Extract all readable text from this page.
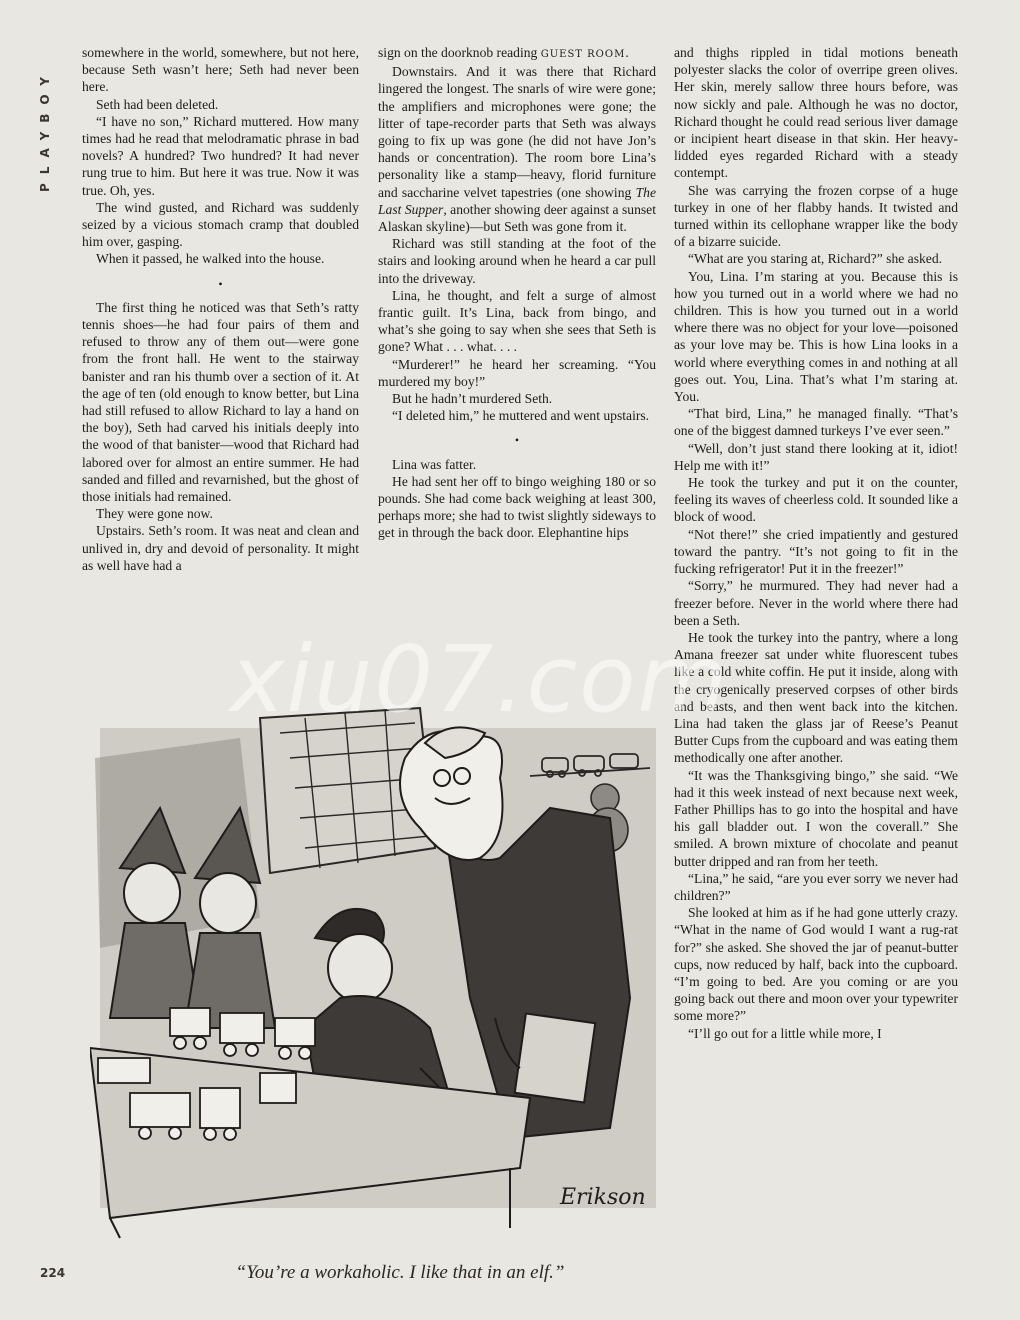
PLAYBOY

somewhere in the world, somewhere, but not here, because Seth wasn’t here; Seth had never been here.

Seth had been deleted.

“I have no son,” Richard muttered. How many times had he read that melodramatic phrase in bad novels? A hundred? Two hundred? It had never rung true to him. But here it was true. Now it was true. Oh, yes.

The wind gusted, and Richard was suddenly seized by a vicious stomach cramp that doubled him over, gasping.

When it passed, he walked into the house.

•

The first thing he noticed was that Seth’s ratty tennis shoes—he had four pairs of them and refused to throw any of them out—were gone from the front hall. He went to the stairway banister and ran his thumb over a section of it. At the age of ten (old enough to know better, but Lina had still refused to allow Richard to lay a hand on the boy), Seth had carved his initials deeply into the wood of that banister—wood that Richard had labored over for almost an entire summer. He had sanded and filled and revarnished, but the ghost of those initials had remained.

They were gone now.

Upstairs. Seth’s room. It was neat and clean and unlived in, dry and devoid of personality. It might as well have had a

sign on the doorknob reading GUEST ROOM.

Downstairs. And it was there that Richard lingered the longest. The snarls of wire were gone; the amplifiers and microphones were gone; the litter of tape-recorder parts that Seth was always going to fix up was gone (he did not have Jon’s hands or concentration). The room bore Lina’s personality like a stamp—heavy, florid furniture and saccharine velvet tapestries (one showing The Last Supper, another showing deer against a sunset Alaskan skyline)—but Seth was gone from it.

Richard was still standing at the foot of the stairs and looking around when he heard a car pull into the driveway.

Lina, he thought, and felt a surge of almost frantic guilt. It’s Lina, back from bingo, and what’s she going to say when she sees that Seth is gone? What . . . what. . . .

“Murderer!” he heard her screaming. “You murdered my boy!”

But he hadn’t murdered Seth.

“I deleted him,” he muttered and went upstairs.

•

Lina was fatter.

He had sent her off to bingo weighing 180 or so pounds. She had come back weighing at least 300, perhaps more; she had to twist slightly sideways to get in through the back door. Elephantine hips

and thighs rippled in tidal motions beneath polyester slacks the color of overripe green olives. Her skin, merely sallow three hours before, was now sickly and pale. Although he was no doctor, Richard thought he could read serious liver damage or incipient heart disease in that skin. Her heavy-lidded eyes regarded Richard with a steady contempt.

She was carrying the frozen corpse of a huge turkey in one of her flabby hands. It twisted and turned within its cellophane wrapper like the body of a bizarre suicide.

“What are you staring at, Richard?” she asked.

You, Lina. I’m staring at you. Because this is how you turned out in a world where we had no children. This is how you turned out in a world where there was no object for your love—poisoned as your love may be. This is how Lina looks in a world where everything comes in and nothing at all goes out. You, Lina. That’s what I’m staring at. You.

“That bird, Lina,” he managed finally. “That’s one of the biggest damned turkeys I’ve ever seen.”

“Well, don’t just stand there looking at it, idiot! Help me with it!”

He took the turkey and put it on the counter, feeling its waves of cheerless cold. It sounded like a block of wood.

“Not there!” she cried impatiently and gestured toward the pantry. “It’s not going to fit in the fucking refrigerator! Put it in the freezer!”

“Sorry,” he murmured. They had never had a freezer before. Never in the world where there had been a Seth.

He took the turkey into the pantry, where a long Amana freezer sat under white fluorescent tubes like a cold white coffin. He put it inside, along with the cryogenically preserved corpses of other birds and beasts, and then went back into the kitchen. Lina had taken the glass jar of Reese’s Peanut Butter Cups from the cupboard and was eating them methodically one after another.

“It was the Thanksgiving bingo,” she said. “We had it this week instead of next because next week, Father Phillips has to go into the hospital and have his gall bladder out. I won the coverall.” She smiled. A brown mixture of chocolate and peanut butter dripped and ran from her teeth.

“Lina,” he said, “are you ever sorry we never had children?”

She looked at him as if he had gone utterly crazy. “What in the name of God would I want a rug-rat for?” she asked. She shoved the jar of peanut-butter cups, now reduced by half, back into the cupboard. “I’m going to bed. Are you coming or are you going back out there and moon over your typewriter some more?”

“I’ll go out for a little while more, I

Erikson
xiu07.com
“You’re a workaholic. I like that in an elf.”
224
